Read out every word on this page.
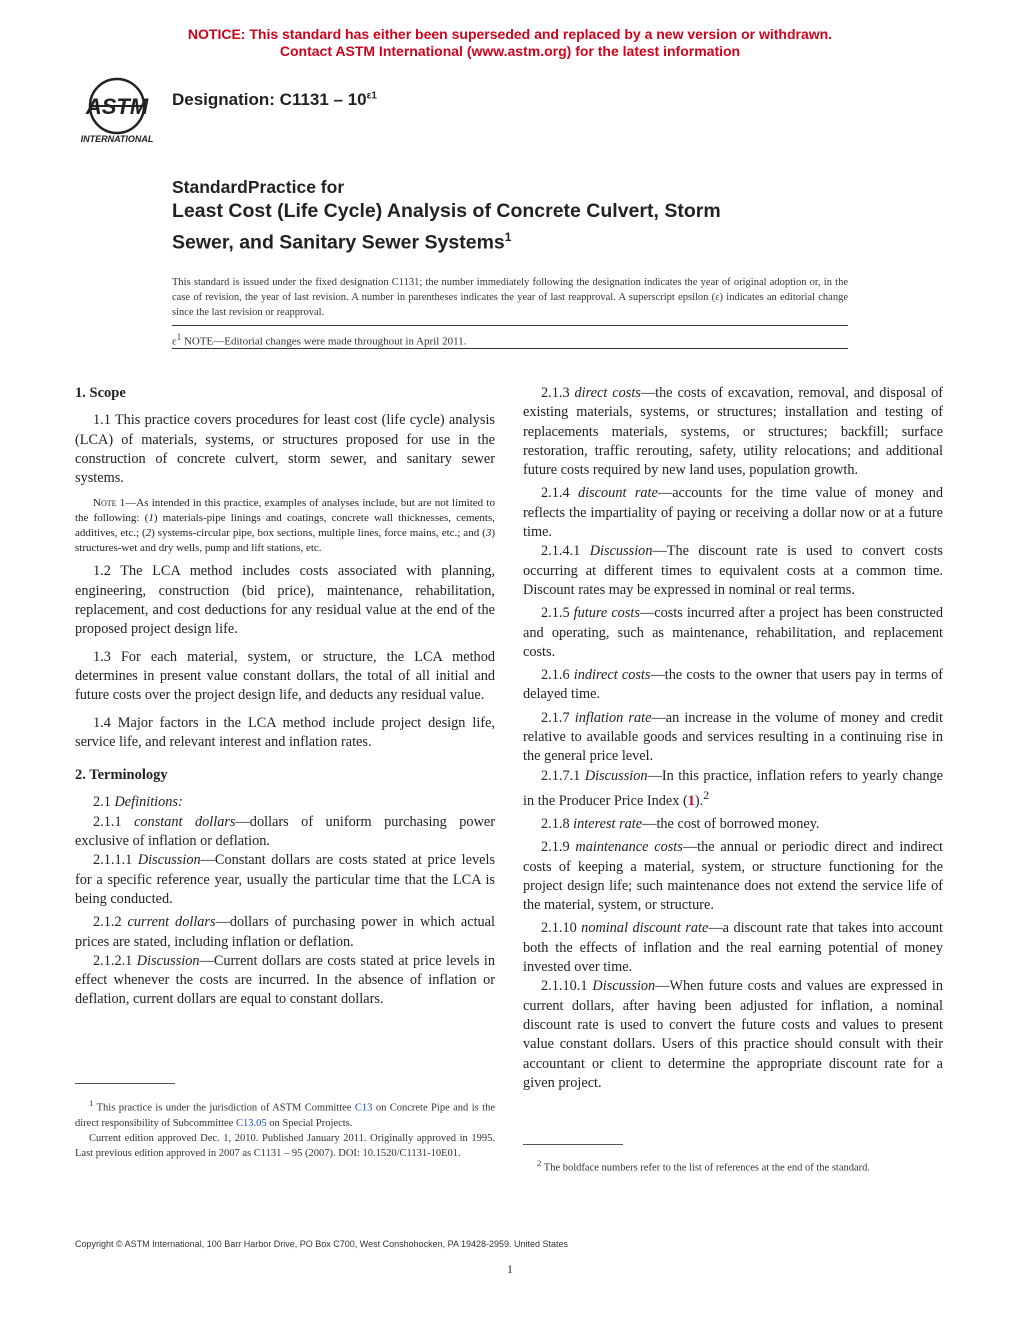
NOTICE: This standard has either been superseded and replaced by a new version or withdrawn.
Contact ASTM International (www.astm.org) for the latest information
ASTM
INTERNATIONAL
Designation: $C1131 - 10^{\varepsilon 1}$
StandardPractice for
Least Cost (Life Cycle) Analysis of Concrete Culvert, Storm
Sewer, and Sanitary Sewer Systems$^1$
This standard is issued under the fixed designation C1131; the number immediately following the designation indicates the year of original adoption or, in the case of revision, the year of last revision. A number in parentheses indicates the year of last reapproval. A superscript epsilon (ε) indicates an editorial change since the last revision or reapproval.
$\varepsilon^1$ NOTE—Editorial changes were made throughout in April 2011.
1. Scope

1.1 This practice covers procedures for least cost (life cycle) analysis (LCA) of materials, systems, or structures proposed for use in the construction of concrete culvert, storm sewer, and sanitary sewer systems.

Note 1—As intended in this practice, examples of analyses include, but are not limited to the following: (1) materials-pipe linings and coatings, concrete wall thicknesses, cements, additives, etc.; (2) systems-circular pipe, box sections, multiple lines, force mains, etc.; and (3) structures-wet and dry wells, pump and lift stations, etc.

1.2 The LCA method includes costs associated with planning, engineering, construction (bid price), maintenance, rehabilitation, replacement, and cost deductions for any residual value at the end of the proposed project design life.

1.3 For each material, system, or structure, the LCA method determines in present value constant dollars, the total of all initial and future costs over the project design life, and deducts any residual value.

1.4 Major factors in the LCA method include project design life, service life, and relevant interest and inflation rates.

2. Terminology

2.1 Definitions:

2.1.1 constant dollars—dollars of uniform purchasing power exclusive of inflation or deflation.

2.1.1.1 Discussion—Constant dollars are costs stated at price levels for a specific reference year, usually the particular time that the LCA is being conducted.

2.1.2 current dollars—dollars of purchasing power in which actual prices are stated, including inflation or deflation.

2.1.2.1 Discussion—Current dollars are costs stated at price levels in effect whenever the costs are incurred. In the absence of inflation or deflation, current dollars are equal to constant dollars.

2.1.3 direct costs—the costs of excavation, removal, and disposal of existing materials, systems, or structures; installation and testing of replacements materials, systems, or structures; backfill; surface restoration, traffic rerouting, safety, utility relocations; and additional future costs required by new land uses, population growth.

2.1.4 discount rate—accounts for the time value of money and reflects the impartiality of paying or receiving a dollar now or at a future time.

2.1.4.1 Discussion—The discount rate is used to convert costs occurring at different times to equivalent costs at a common time. Discount rates may be expressed in nominal or real terms.

2.1.5 future costs—costs incurred after a project has been constructed and operating, such as maintenance, rehabilitation, and replacement costs.

2.1.6 indirect costs—the costs to the owner that users pay in terms of delayed time.

2.1.7 inflation rate—an increase in the volume of money and credit relative to available goods and services resulting in a continuing rise in the general price level.

2.1.7.1 Discussion—In this practice, inflation refers to yearly change in the Producer Price Index (1).$^2$

2.1.8 interest rate—the cost of borrowed money.

2.1.9 maintenance costs—the annual or periodic direct and indirect costs of keeping a material, system, or structure functioning for the project design life; such maintenance does not extend the service life of the material, system, or structure.

2.1.10 nominal discount rate—a discount rate that takes into account both the effects of inflation and the real earning potential of money invested over time.

2.1.10.1 Discussion—When future costs and values are expressed in current dollars, after having been adjusted for inflation, a nominal discount rate is used to convert the future costs and values to present value constant dollars. Users of this practice should consult with their accountant or client to determine the appropriate discount rate for a given project.

$^1$ This practice is under the jurisdiction of ASTM Committee C13 on Concrete Pipe and is the direct responsibility of Subcommittee C13.05 on Special Projects.

Current edition approved Dec. 1, 2010. Published January 2011. Originally approved in 1995. Last previous edition approved in 2007 as C1131 – 95 (2007). DOI: 10.1520/C1131-10E01.

$^2$ The boldface numbers refer to the list of references at the end of the standard.

Copyright © ASTM International, 100 Barr Harbor Drive, PO Box C700, West Conshohocken, PA 19428-2959. United States
1
